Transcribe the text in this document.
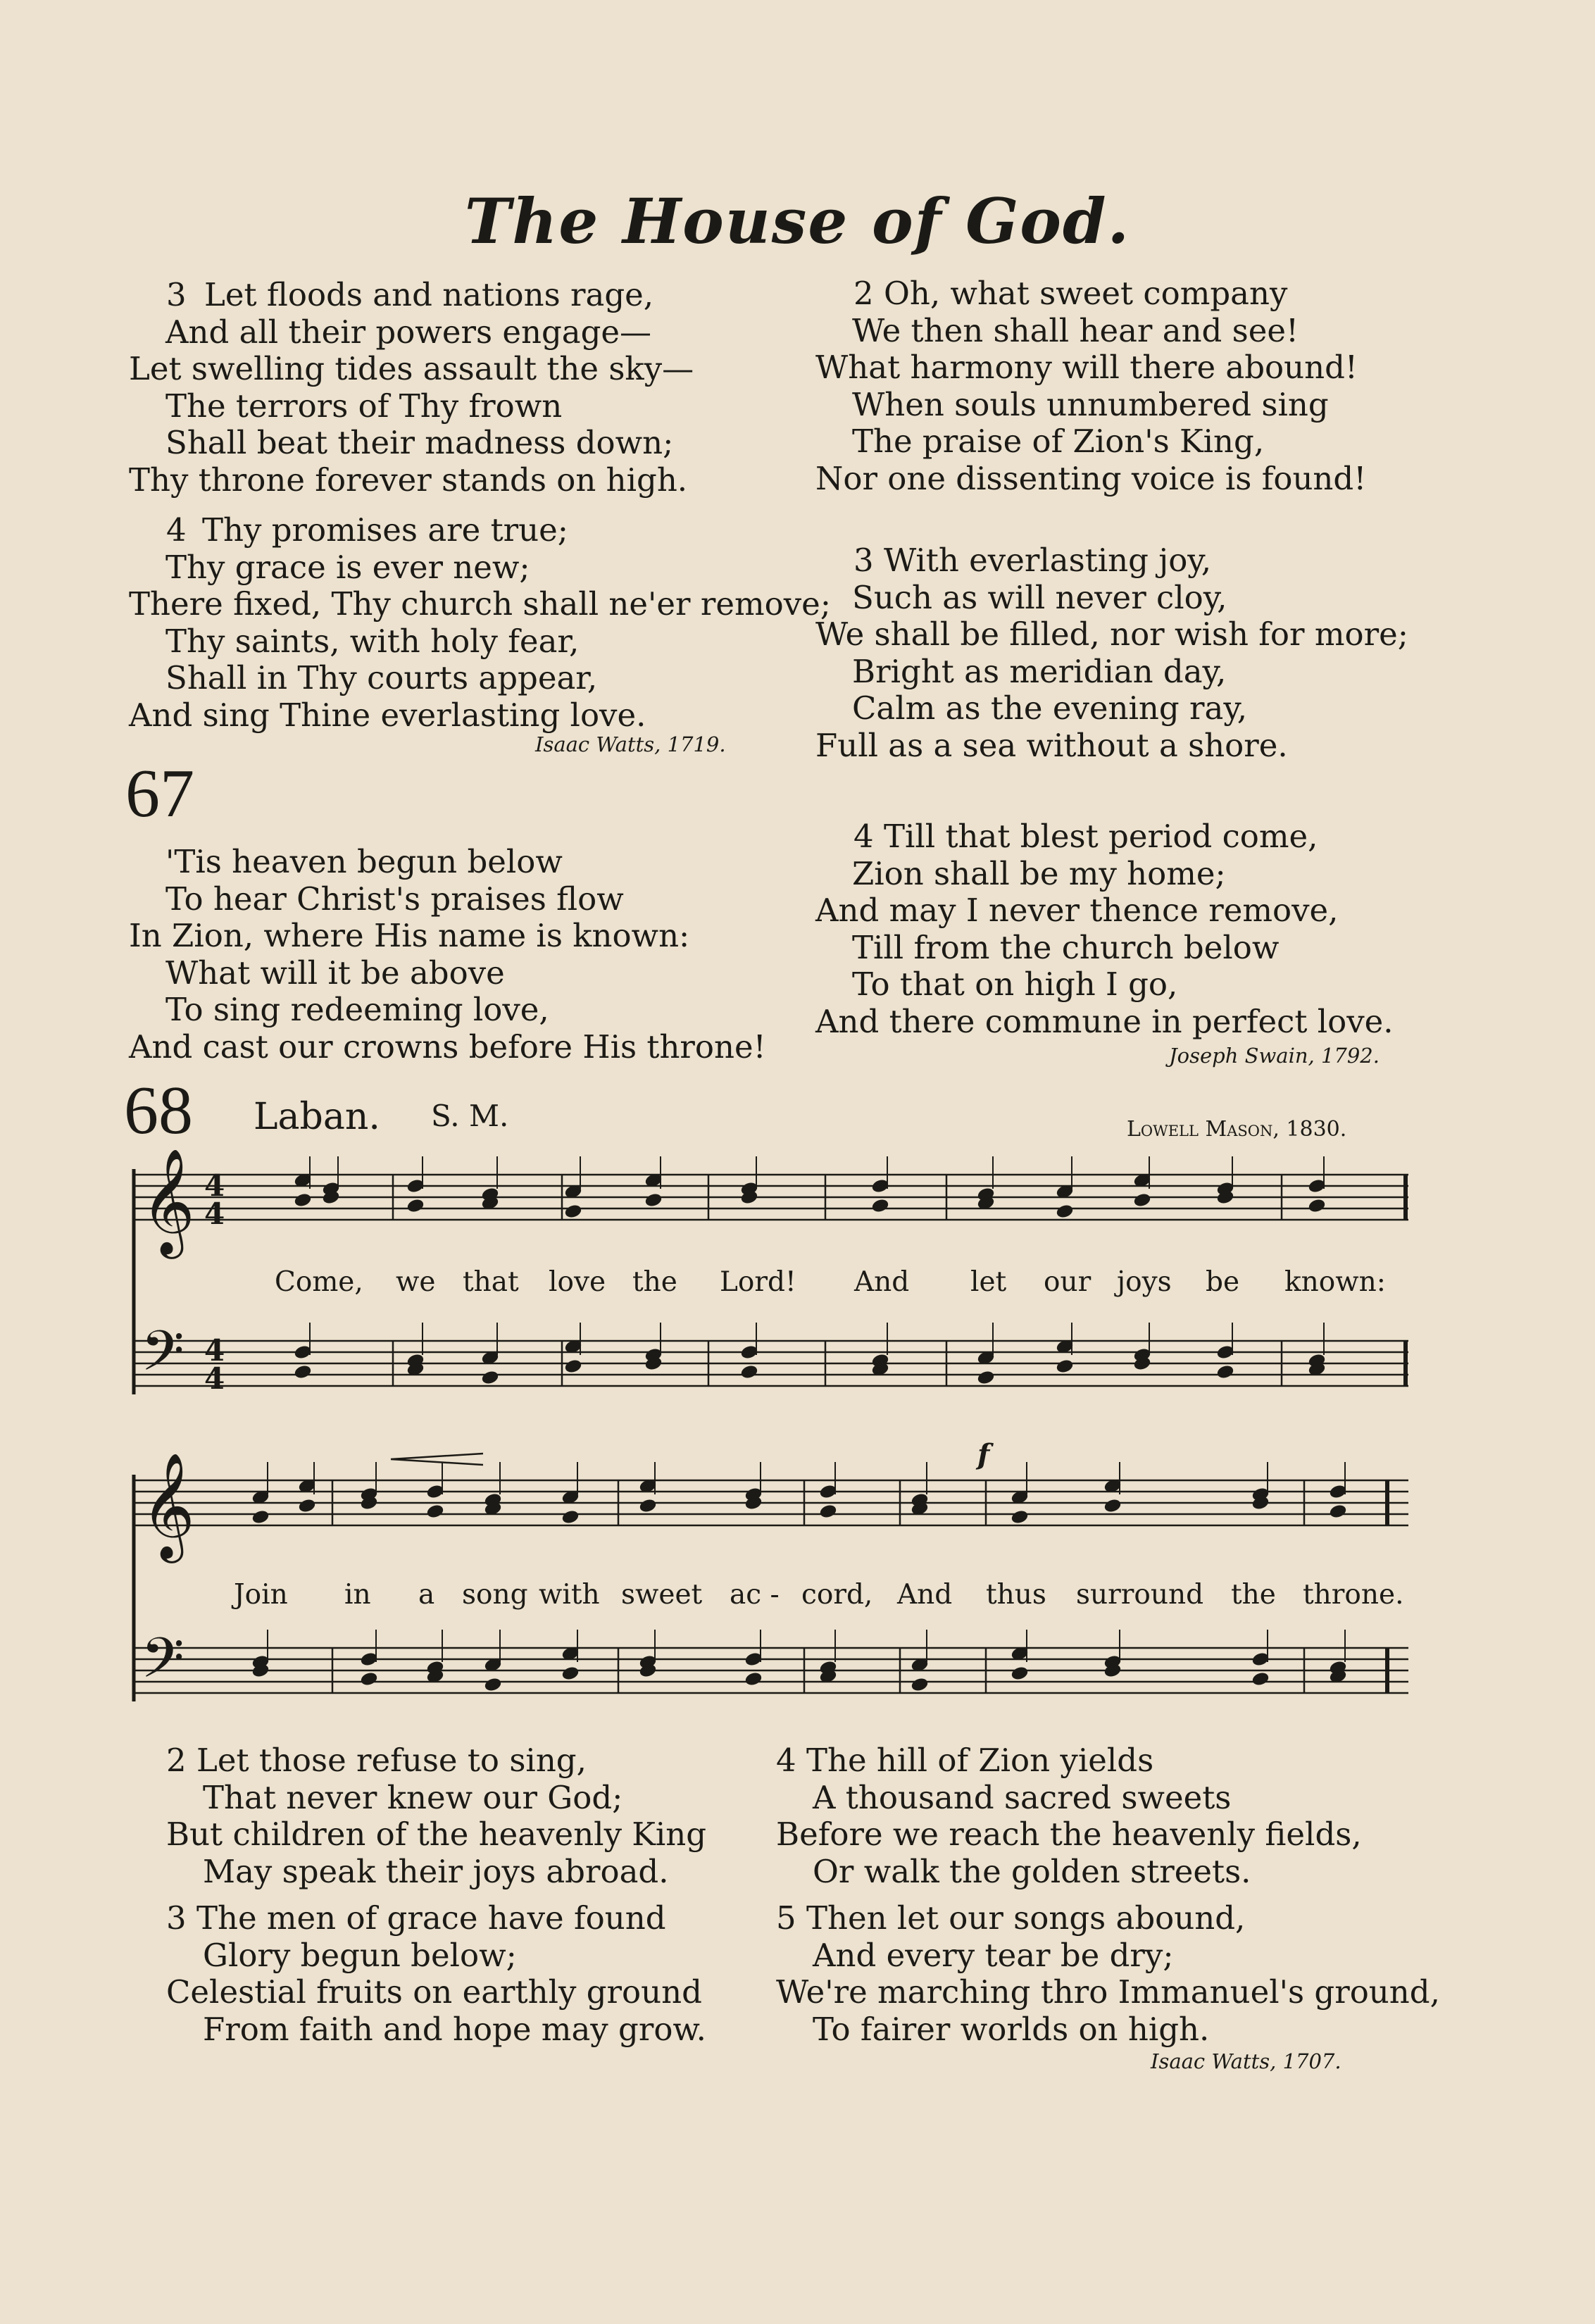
The House of God.
3 Let floods and nations rage,
And all their powers engage—
Let swelling tides assault the sky—
The terrors of Thy frown
Shall beat their madness down;
Thy throne forever stands on high.
4 Thy promises are true;
Thy grace is ever new;
There fixed, Thy church shall ne'er remove;
Thy saints, with holy fear,
Shall in Thy courts appear,
And sing Thine everlasting love.
Isaac Watts, 1719.
67
'Tis heaven begun below
To hear Christ's praises flow
In Zion, where His name is known:
What will it be above
To sing redeeming love,
And cast our crowns before His throne!
2 Oh, what sweet company
We then shall hear and see!
What harmony will there abound!
When souls unnumbered sing
The praise of Zion's King,
Nor one dissenting voice is found!
3 With everlasting joy,
Such as will never cloy,
We shall be filled, nor wish for more;
Bright as meridian day,
Calm as the evening ray,
Full as a sea without a shore.
4 Till that blest period come,
Zion shall be my home;
And may I never thence remove,
Till from the church below
To that on high I go,
And there commune in perfect love.
Joseph Swain, 1792.
68 Laban. S. M.	Lowell Mason, 1830.
𝄞
𝄢
𝄞
𝄢
4
4
4
4
f
Come, we that love the Lord! And let our joys be known:
Join in a song with sweet ac - cord, And thus surround the throne.
2 Let those refuse to sing,
That never knew our God;
But children of the heavenly King
May speak their joys abroad.
3 The men of grace have found
Glory begun below;
Celestial fruits on earthly ground
From faith and hope may grow.
4 The hill of Zion yields
A thousand sacred sweets
Before we reach the heavenly fields,
Or walk the golden streets.
5 Then let our songs abound,
And every tear be dry;
We're marching thro Immanuel's ground,
To fairer worlds on high.
Isaac Watts, 1707.
